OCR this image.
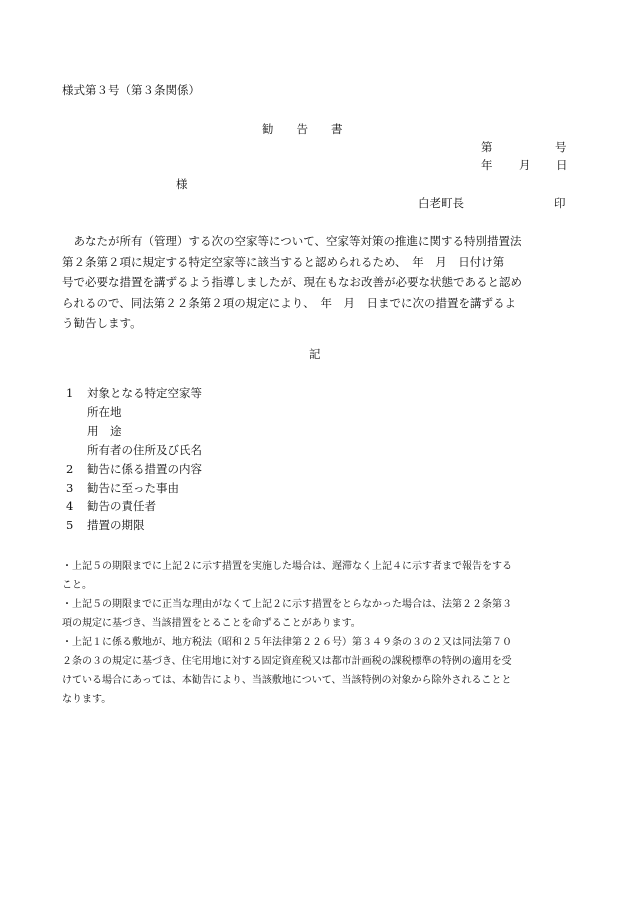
様式第３号（第３条関係）
勧　　告　　書
第	号
年 月 日
様
白老町長	印
　あなたが所有（管理）する次の空家等について、空家等対策の推進に関する特別措置法
第２条第２項に規定する特定空家等に該当すると認められるため、　年　月　日付け第
号で必要な措置を講ずるよう指導しましたが、現在もなお改善が必要な状態であると認め
られるので、同法第２２条第２項の規定により、　年　月　日までに次の措置を講ずるよ
う勧告します。
記
1 対象となる特定空家等
所在地
用　途
所有者の住所及び氏名
2 勧告に係る措置の内容
3 勧告に至った事由
4 勧告の責任者
5 措置の期限
・上記５の期限までに上記２に示す措置を実施した場合は、遅滞なく上記４に示す者まで報告をする
こと。
・上記５の期限までに正当な理由がなくて上記２に示す措置をとらなかった場合は、法第２２条第３
項の規定に基づき、当該措置をとることを命ずることがあります。
・上記１に係る敷地が、地方税法（昭和２５年法律第２２６号）第３４９条の３の２又は同法第７０
２条の３の規定に基づき、住宅用地に対する固定資産税又は都市計画税の課税標準の特例の適用を受
けている場合にあっては、本勧告により、当該敷地について、当該特例の対象から除外されることと
なります。
